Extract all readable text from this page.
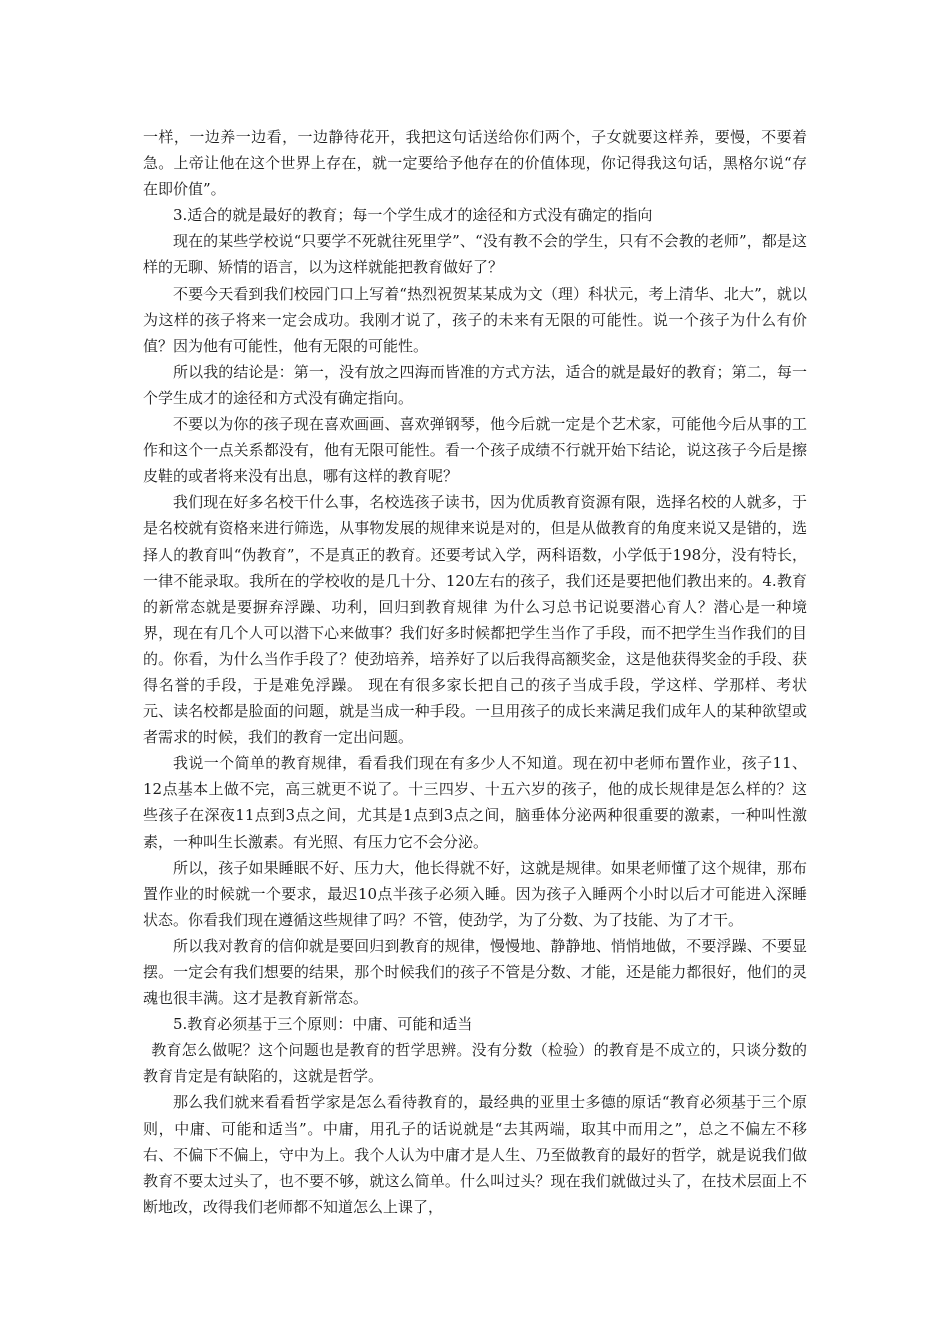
一样，一边养一边看，一边静待花开，我把这句话送给你们两个，子女就要这样养，要慢，不要着急。上帝让他在这个世界上存在，就一定要给予他存在的价值体现，你记得我这句话，黑格尔说“存在即价值”。

3.适合的就是最好的教育；每一个学生成才的途径和方式没有确定的指向

现在的某些学校说“只要学不死就往死里学”、“没有教不会的学生，只有不会教的老师”，都是这样的无聊、矫情的语言，以为这样就能把教育做好了？

不要今天看到我们校园门口上写着“热烈祝贺某某成为文（理）科状元，考上清华、北大”，就以为这样的孩子将来一定会成功。我刚才说了，孩子的未来有无限的可能性。说一个孩子为什么有价值？因为他有可能性，他有无限的可能性。

所以我的结论是：第一，没有放之四海而皆准的方式方法，适合的就是最好的教育；第二，每一个学生成才的途径和方式没有确定指向。

不要以为你的孩子现在喜欢画画、喜欢弹钢琴，他今后就一定是个艺术家，可能他今后从事的工作和这个一点关系都没有，他有无限可能性。看一个孩子成绩不行就开始下结论，说这孩子今后是擦皮鞋的或者将来没有出息，哪有这样的教育呢？

我们现在好多名校干什么事，名校选孩子读书，因为优质教育资源有限，选择名校的人就多，于是名校就有资格来进行筛选，从事物发展的规律来说是对的，但是从做教育的角度来说又是错的，选择人的教育叫“伪教育”，不是真正的教育。还要考试入学，两科语数，小学低于198分，没有特长，一律不能录取。我所在的学校收的是几十分、120左右的孩子，我们还是要把他们教出来的。4.教育的新常态就是要摒弃浮躁、功利，回归到教育规律 为什么习总书记说要潜心育人？潜心是一种境界，现在有几个人可以潜下心来做事？我们好多时候都把学生当作了手段，而不把学生当作我们的目的。你看，为什么当作手段了？使劲培养，培养好了以后我得高额奖金，这是他获得奖金的手段、获得名誉的手段，于是难免浮躁。 现在有很多家长把自己的孩子当成手段，学这样、学那样、考状元、读名校都是脸面的问题，就是当成一种手段。一旦用孩子的成长来满足我们成年人的某种欲望或者需求的时候，我们的教育一定出问题。

我说一个简单的教育规律，看看我们现在有多少人不知道。现在初中老师布置作业，孩子11、12点基本上做不完，高三就更不说了。十三四岁、十五六岁的孩子，他的成长规律是怎么样的？这些孩子在深夜11点到3点之间，尤其是1点到3点之间，脑垂体分泌两种很重要的激素，一种叫性激素，一种叫生长激素。有光照、有压力它不会分泌。

所以，孩子如果睡眠不好、压力大，他长得就不好，这就是规律。如果老师懂了这个规律，那布置作业的时候就一个要求，最迟10点半孩子必须入睡。因为孩子入睡两个小时以后才可能进入深睡状态。你看我们现在遵循这些规律了吗？不管，使劲学，为了分数、为了技能、为了才干。

所以我对教育的信仰就是要回归到教育的规律，慢慢地、静静地、悄悄地做，不要浮躁、不要显摆。一定会有我们想要的结果，那个时候我们的孩子不管是分数、才能，还是能力都很好，他们的灵魂也很丰满。这才是教育新常态。

5.教育必须基于三个原则：中庸、可能和适当

教育怎么做呢？这个问题也是教育的哲学思辨。没有分数（检验）的教育是不成立的，只谈分数的教育肯定是有缺陷的，这就是哲学。

那么我们就来看看哲学家是怎么看待教育的，最经典的亚里士多德的原话“教育必须基于三个原则，中庸、可能和适当”。中庸，用孔子的话说就是“去其两端，取其中而用之”，总之不偏左不移右、不偏下不偏上，守中为上。我个人认为中庸才是人生、乃至做教育的最好的哲学，就是说我们做教育不要太过头了，也不要不够，就这么简单。什么叫过头？现在我们就做过头了，在技术层面上不断地改，改得我们老师都不知道怎么上课了，
